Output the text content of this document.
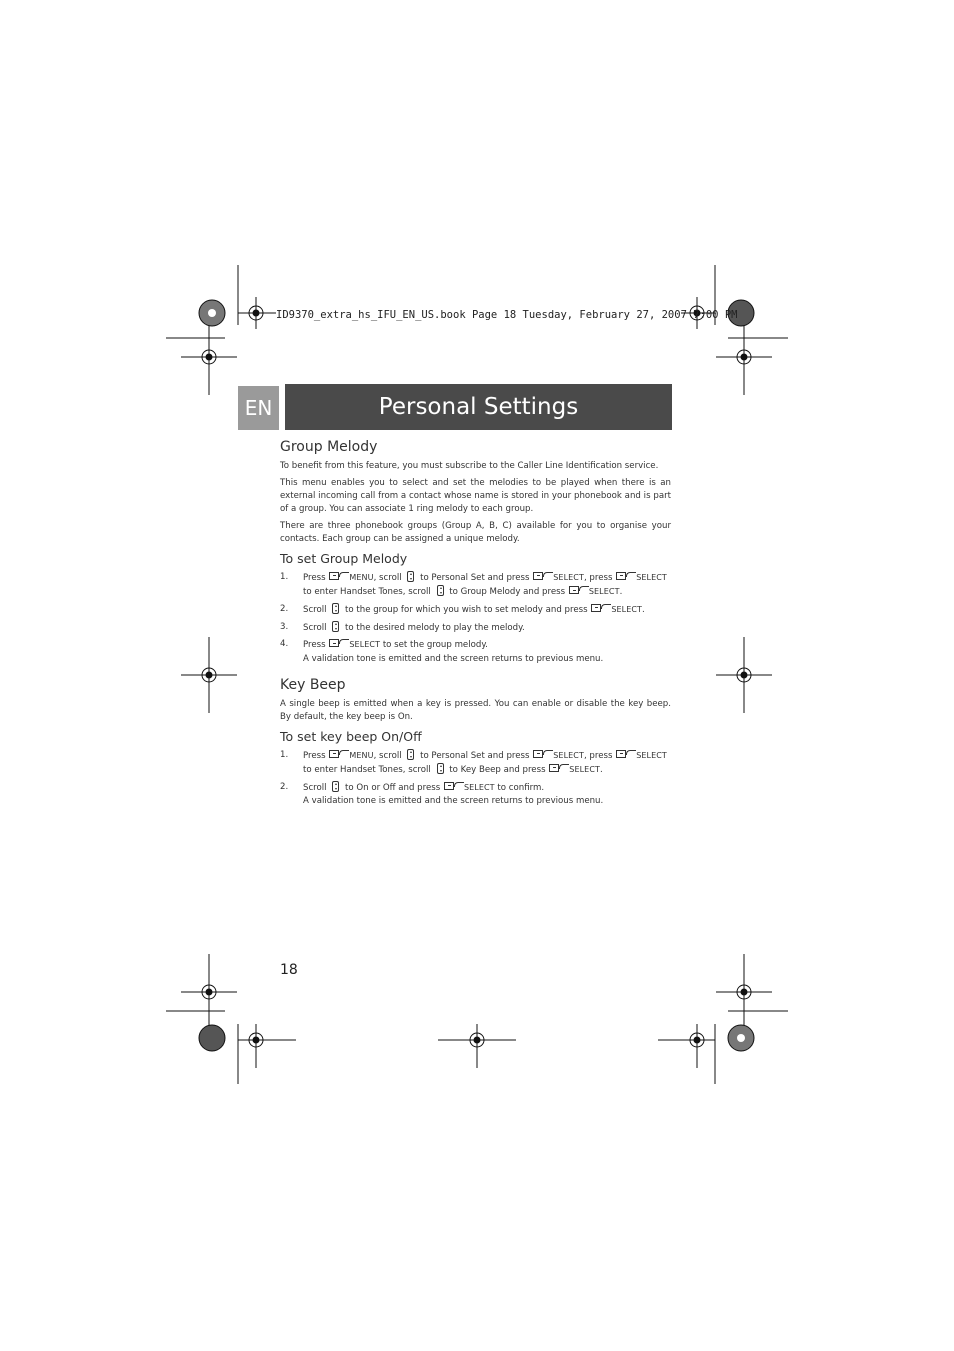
ID9370_extra_hs_IFU_EN_US.book Page 18 Tuesday, February 27, 2007 7:00 PM
EN	Personal Settings
Group Melody
To benefit from this feature, you must subscribe to the Caller Line Identification service.
This menu enables you to select and set the melodies to be played when there is an external incoming call from a contact whose name is stored in your phonebook and is part of a group. You can associate 1 ring melody to each group.
There are three phonebook groups (Group A, B, C) available for you to organise your contacts. Each group can be assigned a unique melody.
To set Group Melody
1. Press	MENU, scroll to Personal Set and press	SELECT, press	SELECT to enter Handset Tones, scroll to Group Melody and press	SELECT.
2. Scroll to the group for which you wish to set melody and press	SELECT.
3. Scroll to the desired melody to play the melody.
4. Press	SELECT to set the group melody.
A validation tone is emitted and the screen returns to previous menu.
Key Beep
A single beep is emitted when a key is pressed. You can enable or disable the key beep. By default, the key beep is On.
To set key beep On/Off
1. Press	MENU, scroll to Personal Set and press	SELECT, press	SELECT to enter Handset Tones, scroll to Key Beep and press	SELECT.
2. Scroll to On or Off and press	SELECT to confirm.
A validation tone is emitted and the screen returns to previous menu.
18
